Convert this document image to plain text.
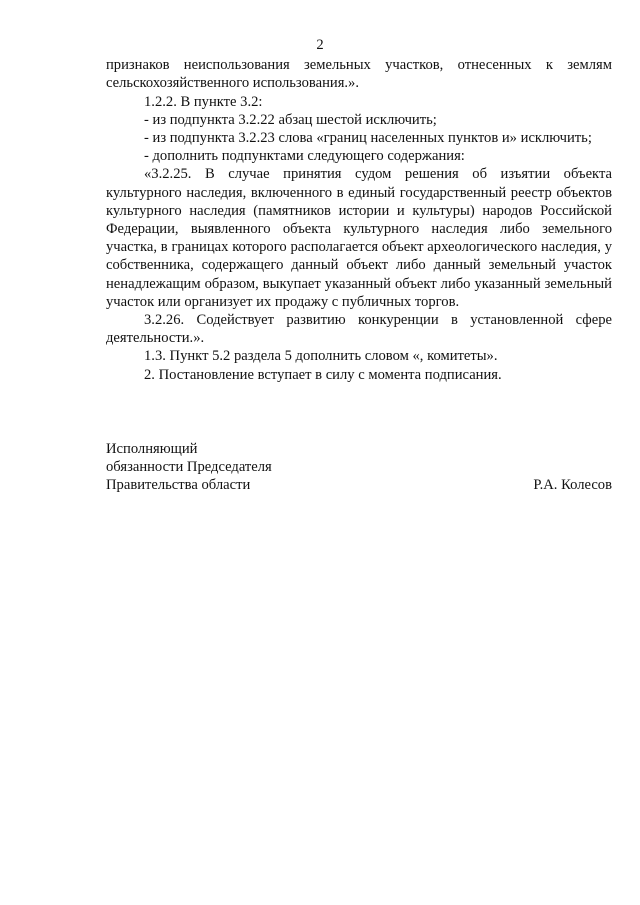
2

признаков неиспользования земельных участков, отнесенных к землям сельскохозяйственного использования.».

1.2.2. В пункте 3.2:

- из подпункта 3.2.22 абзац шестой исключить;

- из подпункта 3.2.23 слова «границ населенных пунктов и» исключить;

- дополнить подпунктами следующего содержания:

«3.2.25. В случае принятия судом решения об изъятии объекта культурного наследия, включенного в единый государственный реестр объектов культурного наследия (памятников истории и культуры) народов Российской Федерации, выявленного объекта культурного наследия либо земельного участка, в границах которого располагается объект археологического наследия, у собственника, содержащего данный объект либо данный земельный участок ненадлежащим образом, выкупает указанный объект либо указанный земельный участок или организует их продажу с публичных торгов.

3.2.26. Содействует развитию конкуренции в установленной сфере деятельности.».

1.3. Пункт 5.2 раздела 5 дополнить словом «, комитеты».

2. Постановление вступает в силу с момента подписания.

Исполняющий

обязанности Председателя

Правительства области	Р.А. Колесов
